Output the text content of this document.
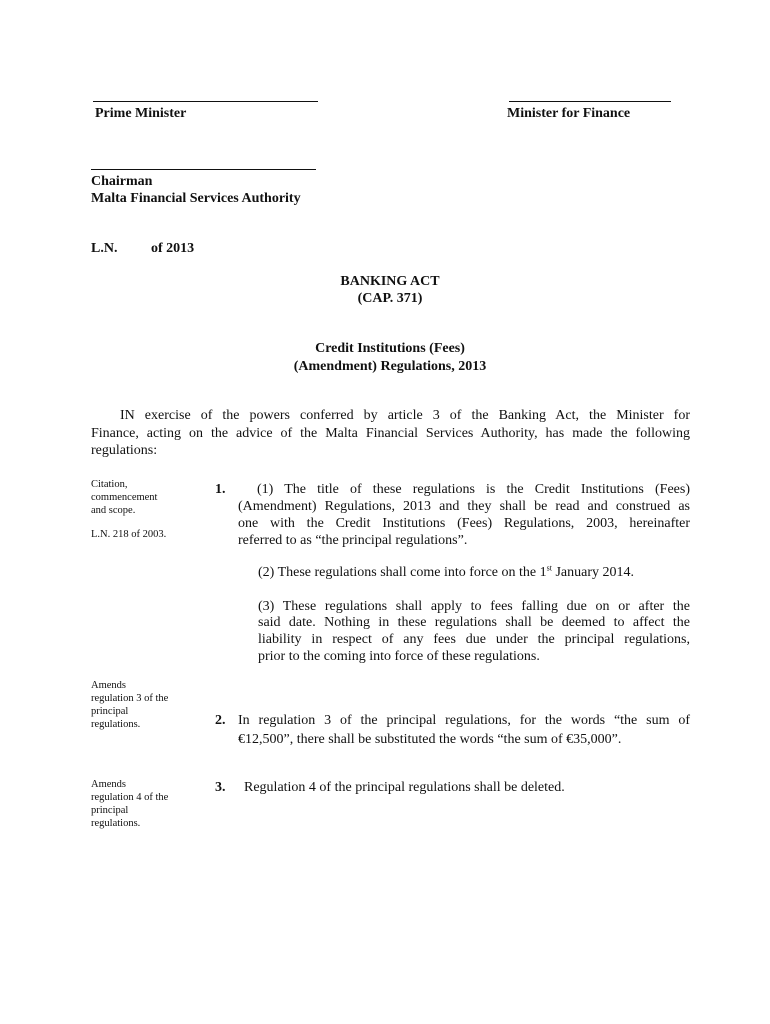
Prime Minister	Minister for Finance
Chairman
Malta Financial Services Authority
L.N. of 2013
BANKING ACT
(CAP. 371)
Credit Institutions (Fees)
(Amendment) Regulations, 2013
IN exercise of the powers conferred by article 3 of the Banking Act, the Minister for
Finance, acting on the advice of the Malta Financial Services Authority, has made the following
regulations:
Citation,
commencement
and scope.
L.N. 218 of 2003.
Amends
regulation 3 of the
principal
regulations.
Amends
regulation 4 of the
principal
regulations.
1. (1) The title of these regulations is the Credit Institutions (Fees)
(Amendment) Regulations, 2013 and they shall be read and construed as
one with the Credit Institutions (Fees) Regulations, 2003, hereinafter
referred to as “the principal regulations”.
(2) These regulations shall come into force on the 1st January 2014.
(3) These regulations shall apply to fees falling due on or after the
said date. Nothing in these regulations shall be deemed to affect the
liability in respect of any fees due under the principal regulations,
prior to the coming into force of these regulations.
2. In regulation 3 of the principal regulations, for the words “the sum of
€12,500”, there shall be substituted the words “the sum of €35,000”.
3. Regulation 4 of the principal regulations shall be deleted.
